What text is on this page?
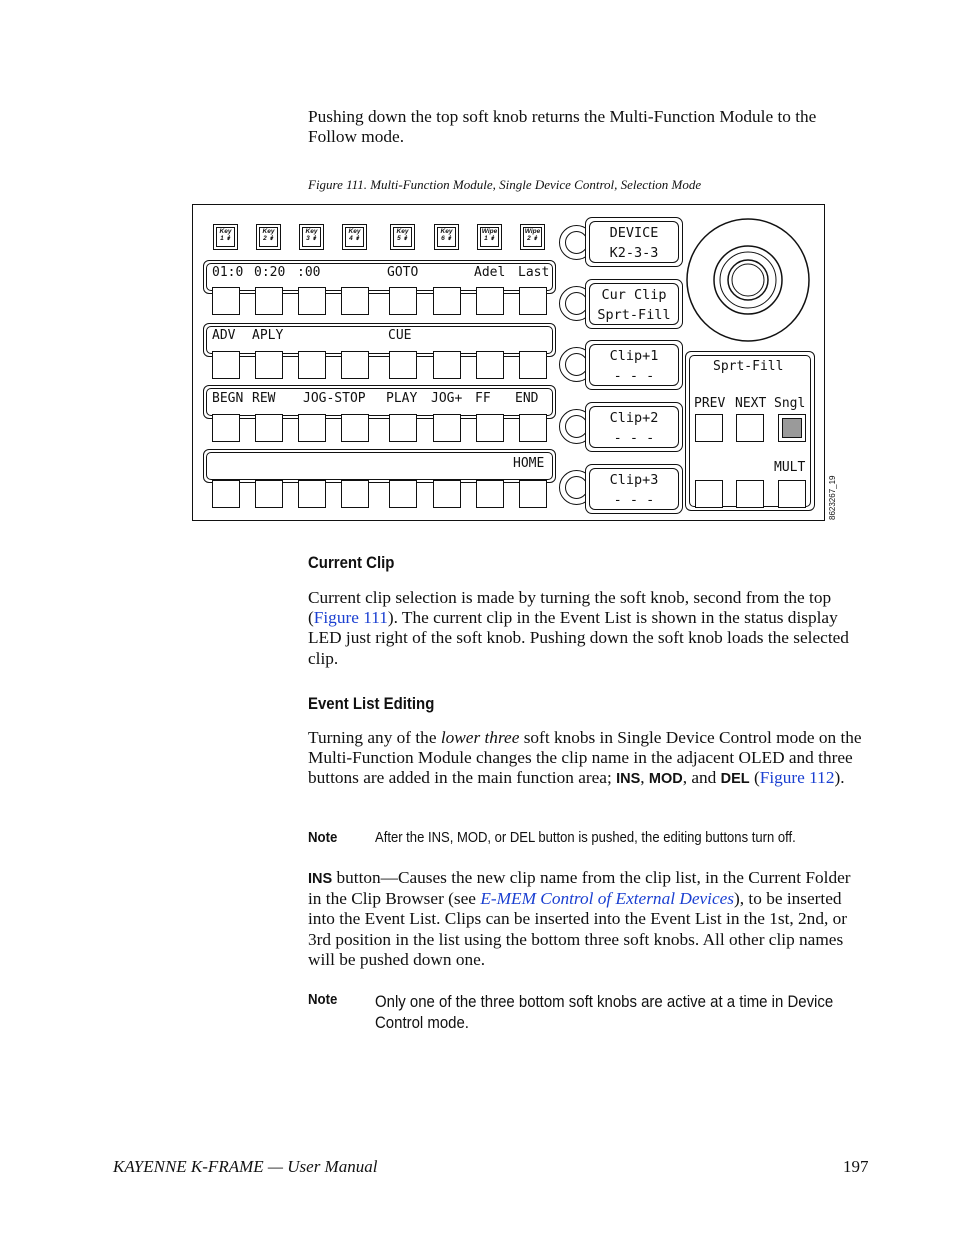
Pushing down the top soft knob returns the Multi-Function Module to the Follow mode.
Figure 111. Multi-Function Module, Single Device Control, Selection Mode
Key
1 ↡
Key
2 ↡
Key
3 ↡
Key
4 ↡
Key
5 ↡
Key
6 ↡
Wipe
1 ↡
Wipe
2 ↡
01:0 0:20 :00	GOTO	Adel Last
ADV APLY	CUE
BEGN REW JOG-STOP PLAY JOG+ FF END
HOME
DEVICE
K2-3-3
Cur Clip
Sprt-Fill
Clip+1
- - -
Clip+2
- - -
Clip+3
- - -
Sprt-Fill
PREV NEXT Sngl
MULT
8623267_19
Current Clip
Current clip selection is made by turning the soft knob, second from the top (Figure 111). The current clip in the Event List is shown in the status display LED just right of the soft knob. Pushing down the soft knob loads the selected clip.
Event List Editing
Turning any of the lower three soft knobs in Single Device Control mode on the Multi-Function Module changes the clip name in the adjacent OLED and three buttons are added in the main function area; INS, MOD, and DEL (Figure 112).
Note	After the INS, MOD, or DEL button is pushed, the editing buttons turn off.
INS button—Causes the new clip name from the clip list, in the Current Folder in the Clip Browser (see E-MEM Control of External Devices), to be inserted into the Event List. Clips can be inserted into the Event List in the 1st, 2nd, or 3rd position in the list using the bottom three soft knobs. All other clip names will be pushed down one.
Note Only one of the three bottom soft knobs are active at a time in Device Control mode.
KAYENNE K-FRAME — User Manual	197
